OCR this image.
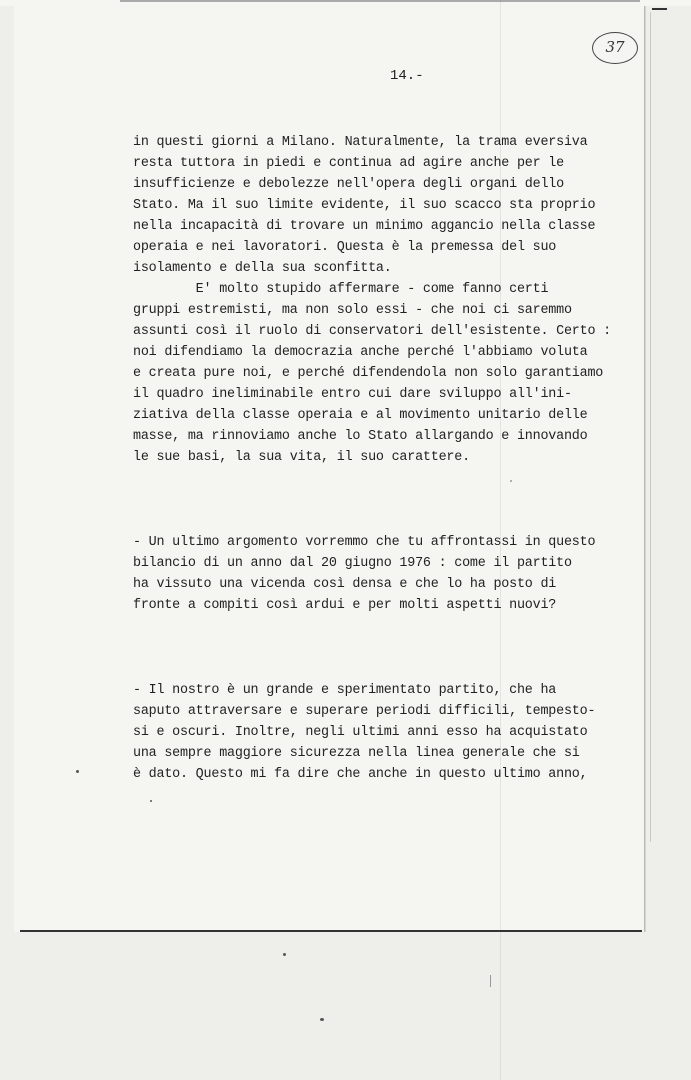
37
14.-
in questi giorni a Milano. Naturalmente, la trama eversiva
resta tuttora in piedi e continua ad agire anche per le
insufficienze e debolezze nell'opera degli organi dello
Stato. Ma il suo limite evidente, il suo scacco sta proprio
nella incapacità di trovare un minimo aggancio nella classe
operaia e nei lavoratori. Questa è la premessa del suo
isolamento e della sua sconfitta.
E' molto stupido affermare - come fanno certi
gruppi estremisti, ma non solo essi - che noi ci saremmo
assunti così il ruolo di conservatori dell'esistente. Certo :
noi difendiamo la democrazia anche perché l'abbiamo voluta
e creata pure noi, e perché difendendola non solo garantiamo
il quadro ineliminabile entro cui dare sviluppo all'ini-
ziativa della classe operaia e al movimento unitario delle
masse, ma rinnoviamo anche lo Stato allargando e innovando
le sue basi, la sua vita, il suo carattere.
- Un ultimo argomento vorremmo che tu affrontassi in questo
bilancio di un anno dal 20 giugno 1976 : come il partito
ha vissuto una vicenda così densa e che lo ha posto di
fronte a compiti così ardui e per molti aspetti nuovi?
- Il nostro è un grande e sperimentato partito, che ha
saputo attraversare e superare periodi difficili, tempesto-
si e oscuri. Inoltre, negli ultimi anni esso ha acquistato
una sempre maggiore sicurezza nella linea generale che si
è dato. Questo mi fa dire che anche in questo ultimo anno,
